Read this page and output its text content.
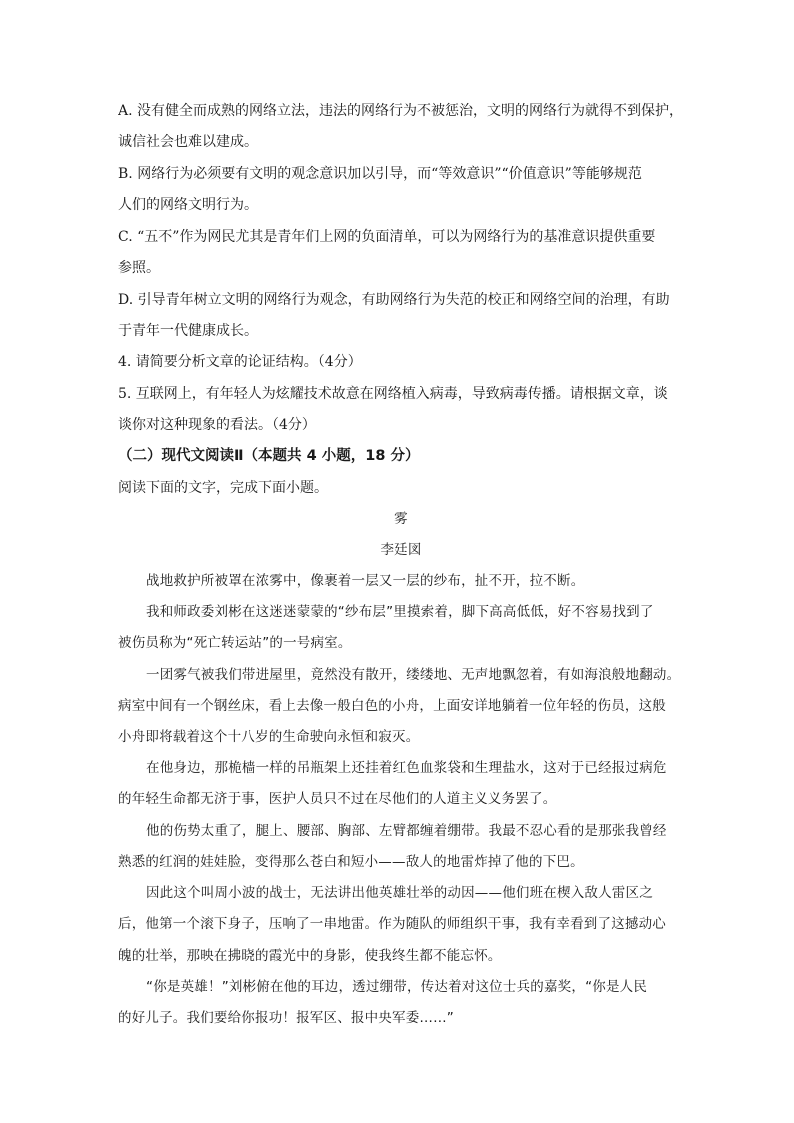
A. 没有健全而成熟的网络立法，违法的网络行为不被惩治，文明的网络行为就得不到保护，
诚信社会也难以建成。
B. 网络行为必须要有文明的观念意识加以引导，而“等效意识”“价值意识”等能够规范
人们的网络文明行为。
C. “五不”作为网民尤其是青年们上网的负面清单，可以为网络行为的基准意识提供重要
参照。
D. 引导青年树立文明的网络行为观念，有助网络行为失范的校正和网络空间的治理，有助
于青年一代健康成长。
4. 请简要分析文章的论证结构。（4分）
5. 互联网上，有年轻人为炫耀技术故意在网络植入病毒，导致病毒传播。请根据文章，谈
谈你对这种现象的看法。（4分）
（二）现代文阅读Ⅱ（本题共 4 小题，18 分）
阅读下面的文字，完成下面小题。
雾
李廷図
战地救护所被罩在浓雾中，像裹着一层又一层的纱布，扯不开，拉不断。
我和师政委刘彬在这迷迷蒙蒙的“纱布层”里摸索着，脚下高高低低，好不容易找到了
被伤员称为“死亡转运站”的一号病室。
一团雾气被我们带进屋里，竟然没有散开，缕缕地、无声地飘忽着，有如海浪般地翻动。
病室中间有一个钢丝床，看上去像一般白色的小舟，上面安详地躺着一位年轻的伤员，这般
小舟即将载着这个十八岁的生命驶向永恒和寂灭。
在他身边，那桅樯一样的吊瓶架上还挂着红色血浆袋和生理盐水，这对于已经报过病危
的年轻生命都无济于事，医护人员只不过在尽他们的人道主义义务罢了。
他的伤势太重了，腿上、腰部、胸部、左臂都缠着绷带。我最不忍心看的是那张我曾经
熟悉的红润的娃娃脸，变得那么苍白和短小——敌人的地雷炸掉了他的下巴。
因此这个叫周小波的战士，无法讲出他英雄壮举的动因——他们班在楔入敌人雷区之
后，他第一个滚下身子，压响了一串地雷。作为随队的师组织干事，我有幸看到了这撼动心
魄的壮举，那映在拂晓的霞光中的身影，使我终生都不能忘怀。
“你是英雄！”刘彬俯在他的耳边，透过绷带，传达着对这位士兵的嘉奖，“你是人民
的好儿子。我们要给你报功！报军区、报中央军委……”
